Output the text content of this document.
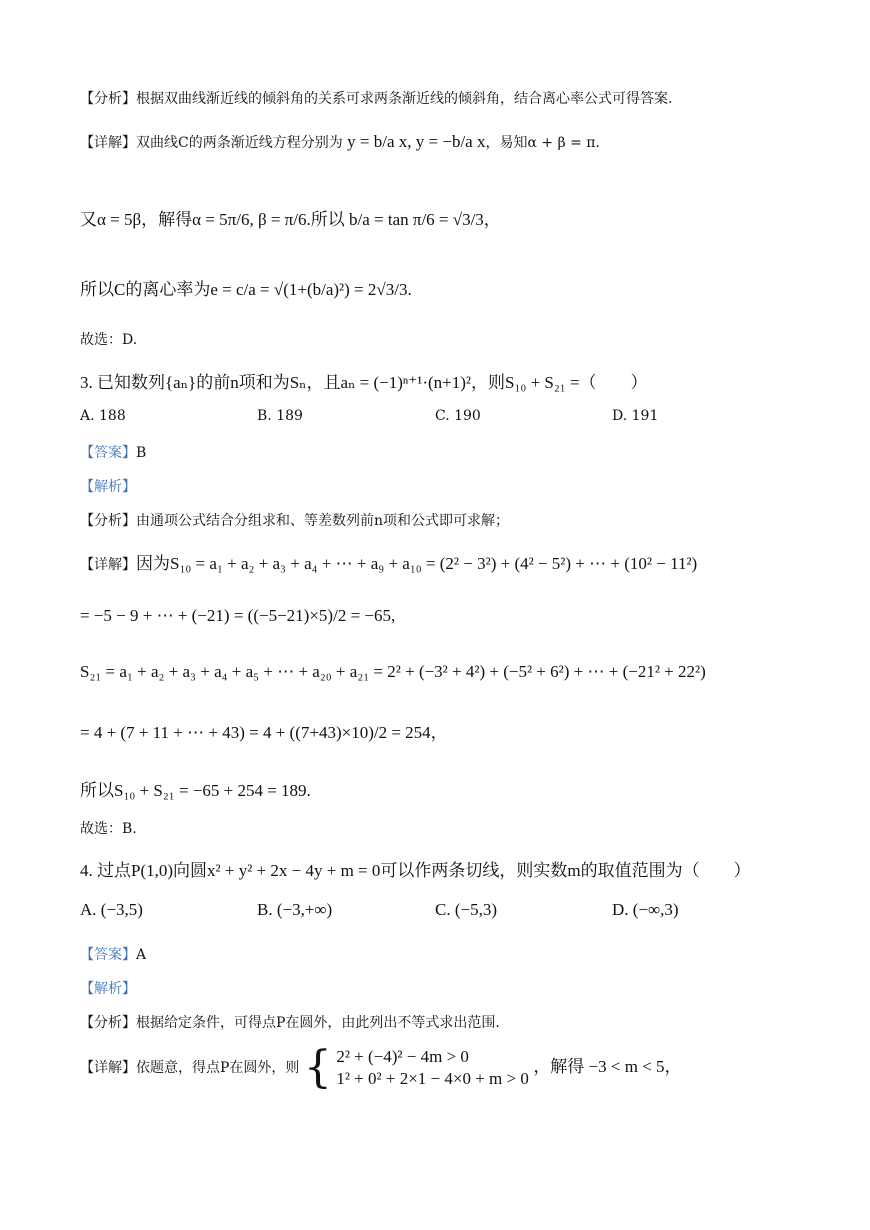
【分析】根据双曲线渐近线的倾斜角的关系可求两条渐近线的倾斜角，结合离心率公式可得答案.
【详解】双曲线C的两条渐近线方程分别为 y = b/a x, y = −b/a x，易知α + β = π.
又α = 5β，解得α = 5π/6, β = π/6.所以 b/a = tan π/6 = √3/3，
所以C的离心率为e = c/a = √(1+(b/a)²) = 2√3/3.
故选：D.
3. 已知数列{aₙ}的前n项和为Sₙ，且aₙ = (−1)ⁿ⁺¹·(n+1)²，则S₁₀ + S₂₁ =（　　）
A. 188	B. 189	C. 190	D. 191
【答案】B
【解析】
【分析】由通项公式结合分组求和、等差数列前n项和公式即可求解；
【详解】因为S₁₀ = a₁ + a₂ + a₃ + a₄ + ⋯ + a₉ + a₁₀ = (2² − 3²) + (4² − 5²) + ⋯ + (10² − 11²)
= −5 − 9 + ⋯ + (−21) = ((−5−21)×5)/2 = −65,
S₂₁ = a₁ + a₂ + a₃ + a₄ + a₅ + ⋯ + a₂₀ + a₂₁ = 2² + (−3² + 4²) + (−5² + 6²) + ⋯ + (−21² + 22²)
= 4 + (7 + 11 + ⋯ + 43) = 4 + ((7+43)×10)/2 = 254，
所以S₁₀ + S₂₁ = −65 + 254 = 189.
故选：B.
4. 过点P(1,0)向圆x² + y² + 2x − 4y + m = 0可以作两条切线，则实数m的取值范围为（　　）
A. (−3,5)	B. (−3,+∞)	C. (−5,3)	D. (−∞,3)
【答案】A
【解析】
【分析】根据给定条件，可得点P在圆外，由此列出不等式求出范围.
【详解】依题意，得点P在圆外，则 { 2² + (−4)² − 4m > 0
1² + 0² + 2×1 − 4×0 + m > 0
，解得 −3 < m < 5，
